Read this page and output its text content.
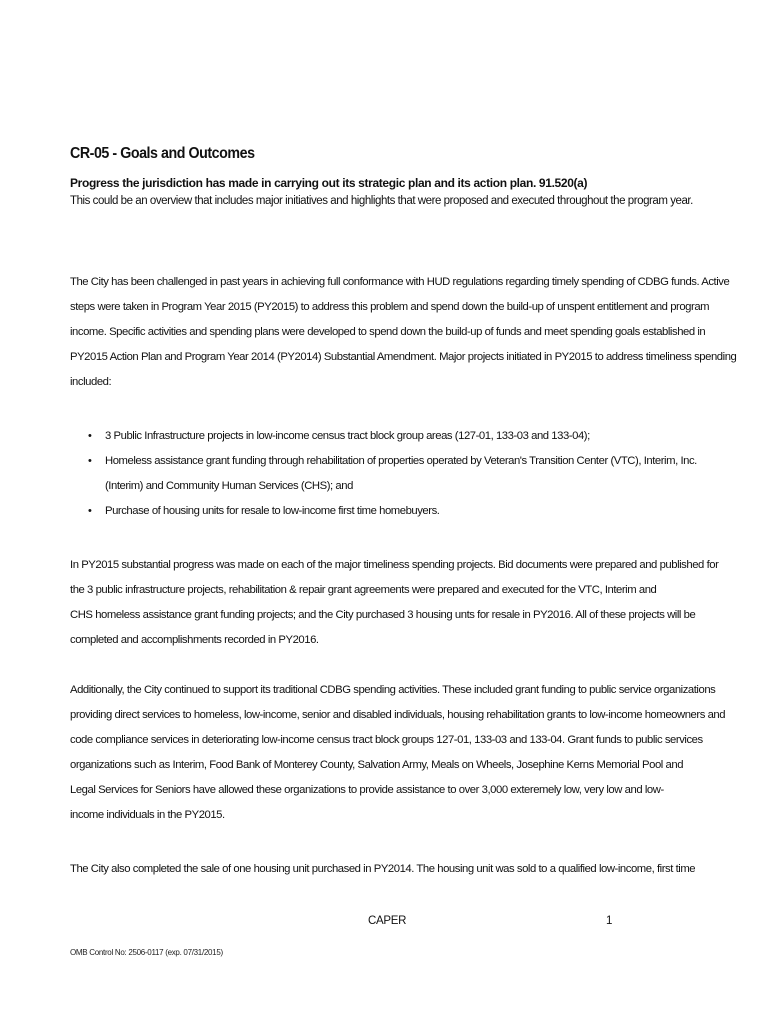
CR-05 - Goals and Outcomes

Progress the jurisdiction has made in carrying out its strategic plan and its action plan. 91.520(a)

This could be an overview that includes major initiatives and highlights that were proposed and executed throughout the program year.

The City has been challenged in past years in achieving full conformance with HUD regulations regarding timely spending of CDBG funds. Active
steps were taken in Program Year 2015 (PY2015) to address this problem and spend down the build-up of unspent entitlement and program
income. Specific activities and spending plans were developed to spend down the build-up of funds and meet spending goals established in
PY2015 Action Plan and Program Year 2014 (PY2014) Substantial Amendment. Major projects initiated in PY2015 to address timeliness spending
included:

• 3 Public Infrastructure projects in low-income census tract block group areas (127-01, 133-03 and 133-04);
• Homeless assistance grant funding through rehabilitation of properties operated by Veteran's Transition Center (VTC), Interim, Inc.
(Interim) and Community Human Services (CHS); and
• Purchase of housing units for resale to low-income first time homebuyers.

In PY2015 substantial progress was made on each of the major timeliness spending projects. Bid documents were prepared and published for
the 3 public infrastructure projects, rehabilitation & repair grant agreements were prepared and executed for the VTC, Interim and
CHS homeless assistance grant funding projects; and the City purchased 3 housing unts for resale in PY2016. All of these projects will be
completed and accomplishments recorded in PY2016.

Additionally, the City continued to support its traditional CDBG spending activities. These included grant funding to public service organizations
providing direct services to homeless, low-income, senior and disabled individuals, housing rehabilitation grants to low-income homeowners and
code compliance services in deteriorating low-income census tract block groups 127-01, 133-03 and 133-04. Grant funds to public services
organizations such as Interim, Food Bank of Monterey County, Salvation Army, Meals on Wheels, Josephine Kerns Memorial Pool and
Legal Services for Seniors have allowed these organizations to provide assistance to over 3,000 exteremely low, very low and low-
income individuals in the PY2015.

The City also completed the sale of one housing unit purchased in PY2014. The housing unit was sold to a qualified low-income, first time

CAPER	1
OMB Control No: 2506-0117 (exp. 07/31/2015)
